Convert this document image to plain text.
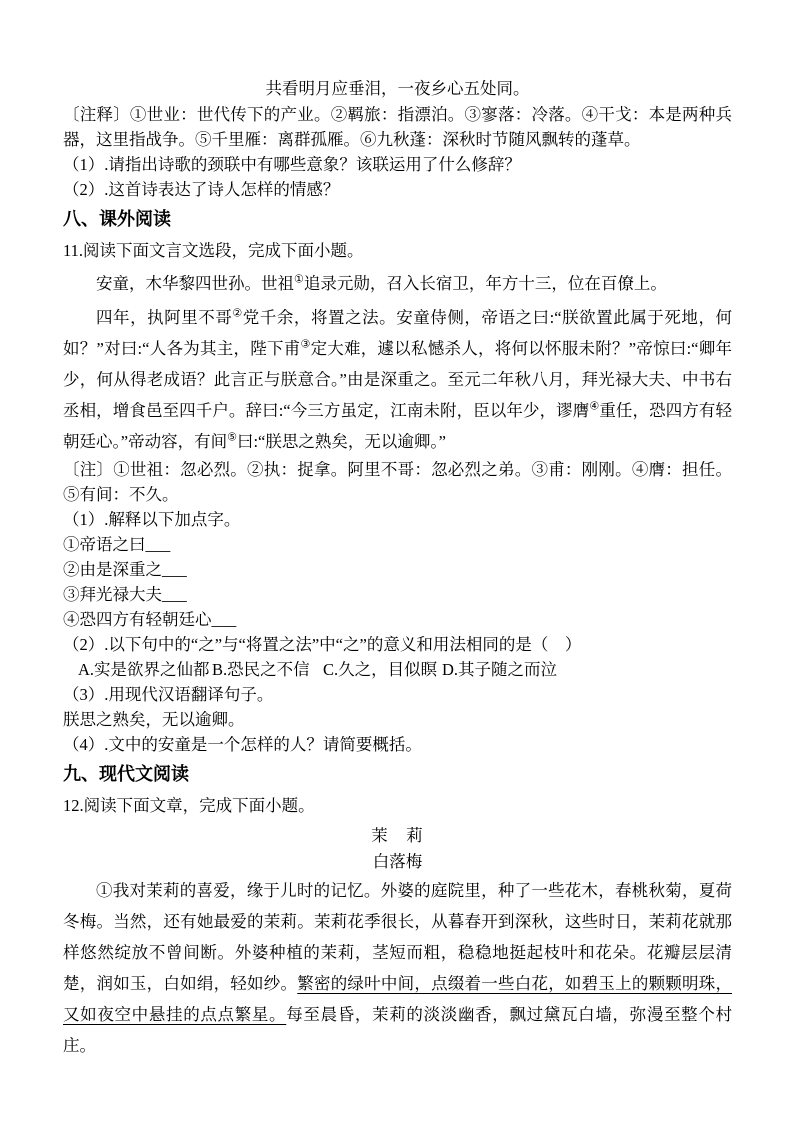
共看明月应垂泪，一夜乡心五处同。
〔注释〕①世业：世代传下的产业。②羁旅：指漂泊。③寥落：冷落。④干戈：本是两种兵器，这里指战争。⑤千里雁：离群孤雁。⑥九秋蓬：深秋时节随风飘转的蓬草。
（1）.请指出诗歌的颈联中有哪些意象？该联运用了什么修辞？
（2）.这首诗表达了诗人怎样的情感？
八、课外阅读
11.阅读下面文言文选段，完成下面小题。

安童，木华黎四世孙。世祖①追录元勋，召入长宿卫，年方十三，位在百僚上。

四年，执阿里不哥②党千余，将置之法。安童侍侧，帝语之曰:“朕欲置此属于死地，何如？”对曰:“人各为其主，陛下甫③定大难，遽以私憾杀人，将何以怀服未附？”帝惊曰:“卿年少，何从得老成语？此言正与朕意合。”由是深重之。至元二年秋八月，拜光禄大夫、中书右丞相，增食邑至四千户。辞曰:“今三方虽定，江南未附，臣以年少，谬膺④重任，恐四方有轻朝廷心。”帝动容，有间⑤曰:“朕思之熟矣，无以逾卿。”

〔注〕①世祖：忽必烈。②执：捉拿。阿里不哥：忽必烈之弟。③甫：刚刚。④膺：担任。⑤有间：不久。
（1）.解释以下加点字。
①帝语之曰___
②由是深重之___
③拜光禄大夫___
④恐四方有轻朝廷心___
（2）.以下句中的“之”与“将置之法”中“之”的意义和用法相同的是（　）
A.实是欲界之仙都 B.恐民之不信 C.久之，目似瞑 D.其子随之而泣
（3）.用现代汉语翻译句子。
朕思之熟矣，无以逾卿。
（4）.文中的安童是一个怎样的人？请简要概括。
九、现代文阅读
12.阅读下面文章，完成下面小题。
茉　莉
白落梅

①我对茉莉的喜爱，缘于儿时的记忆。外婆的庭院里，种了一些花木，春桃秋菊，夏荷冬梅。当然，还有她最爱的茉莉。茉莉花季很长，从暮春开到深秋，这些时日，茉莉花就那样悠然绽放不曾间断。外婆种植的茉莉，茎短而粗，稳稳地挺起枝叶和花朵。花瓣层层清楚，润如玉，白如绢，轻如纱。繁密的绿叶中间，点缀着一些白花，如碧玉上的颗颗明珠，又如夜空中悬挂的点点繁星。每至晨昏，茉莉的淡淡幽香，飘过黛瓦白墙，弥漫至整个村庄。
